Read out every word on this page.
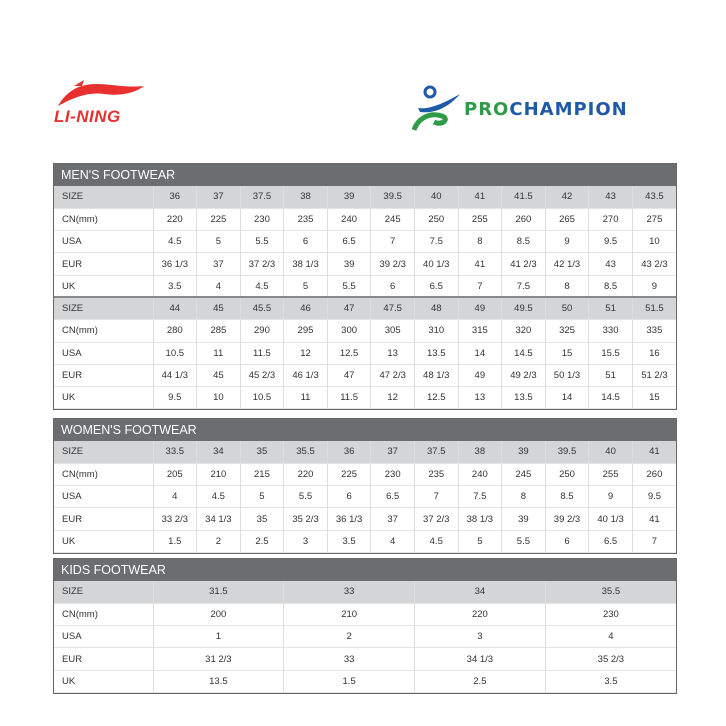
LI-NING	PROCHAMPION
MEN'S FOOTWEAR
SIZE	36	37	37.5	38	39	39.5	40	41	41.5	42	43	43.5
CN(mm)	220	225	230	235	240	245	250	255	260	265	270	275
USA	4.5	5	5.5	6	6.5	7	7.5	8	8.5	9	9.5	10
EUR	36 1/3	37	37 2/3	38 1/3	39	39 2/3	40 1/3	41	41 2/3	42 1/3	43	43 2/3
UK	3.5	4	4.5	5	5.5	6	6.5	7	7.5	8	8.5	9
SIZE	44	45	45.5	46	47	47.5	48	49	49.5	50	51	51.5
CN(mm)	280	285	290	295	300	305	310	315	320	325	330	335
USA	10.5	11	11.5	12	12.5	13	13.5	14	14.5	15	15.5	16
EUR	44 1/3	45	45 2/3	46 1/3	47	47 2/3	48 1/3	49	49 2/3	50 1/3	51	51 2/3
UK	9.5	10	10.5	11	11.5	12	12.5	13	13.5	14	14.5	15
WOMEN'S FOOTWEAR
SIZE	33.5	34	35	35.5	36	37	37.5	38	39	39.5	40	41
CN(mm)	205	210	215	220	225	230	235	240	245	250	255	260
USA	4	4.5	5	5.5	6	6.5	7	7.5	8	8.5	9	9.5
EUR	33 2/3	34 1/3	35	35 2/3	36 1/3	37	37 2/3	38 1/3	39	39 2/3	40 1/3	41
UK	1.5	2	2.5	3	3.5	4	4.5	5	5.5	6	6.5	7
KIDS FOOTWEAR
SIZE	31.5	33	34	35.5
CN(mm)	200	210	220	230
USA	1	2	3	4
EUR	31 2/3	33	34 1/3	35 2/3
UK	13.5	1.5	2.5	3.5
